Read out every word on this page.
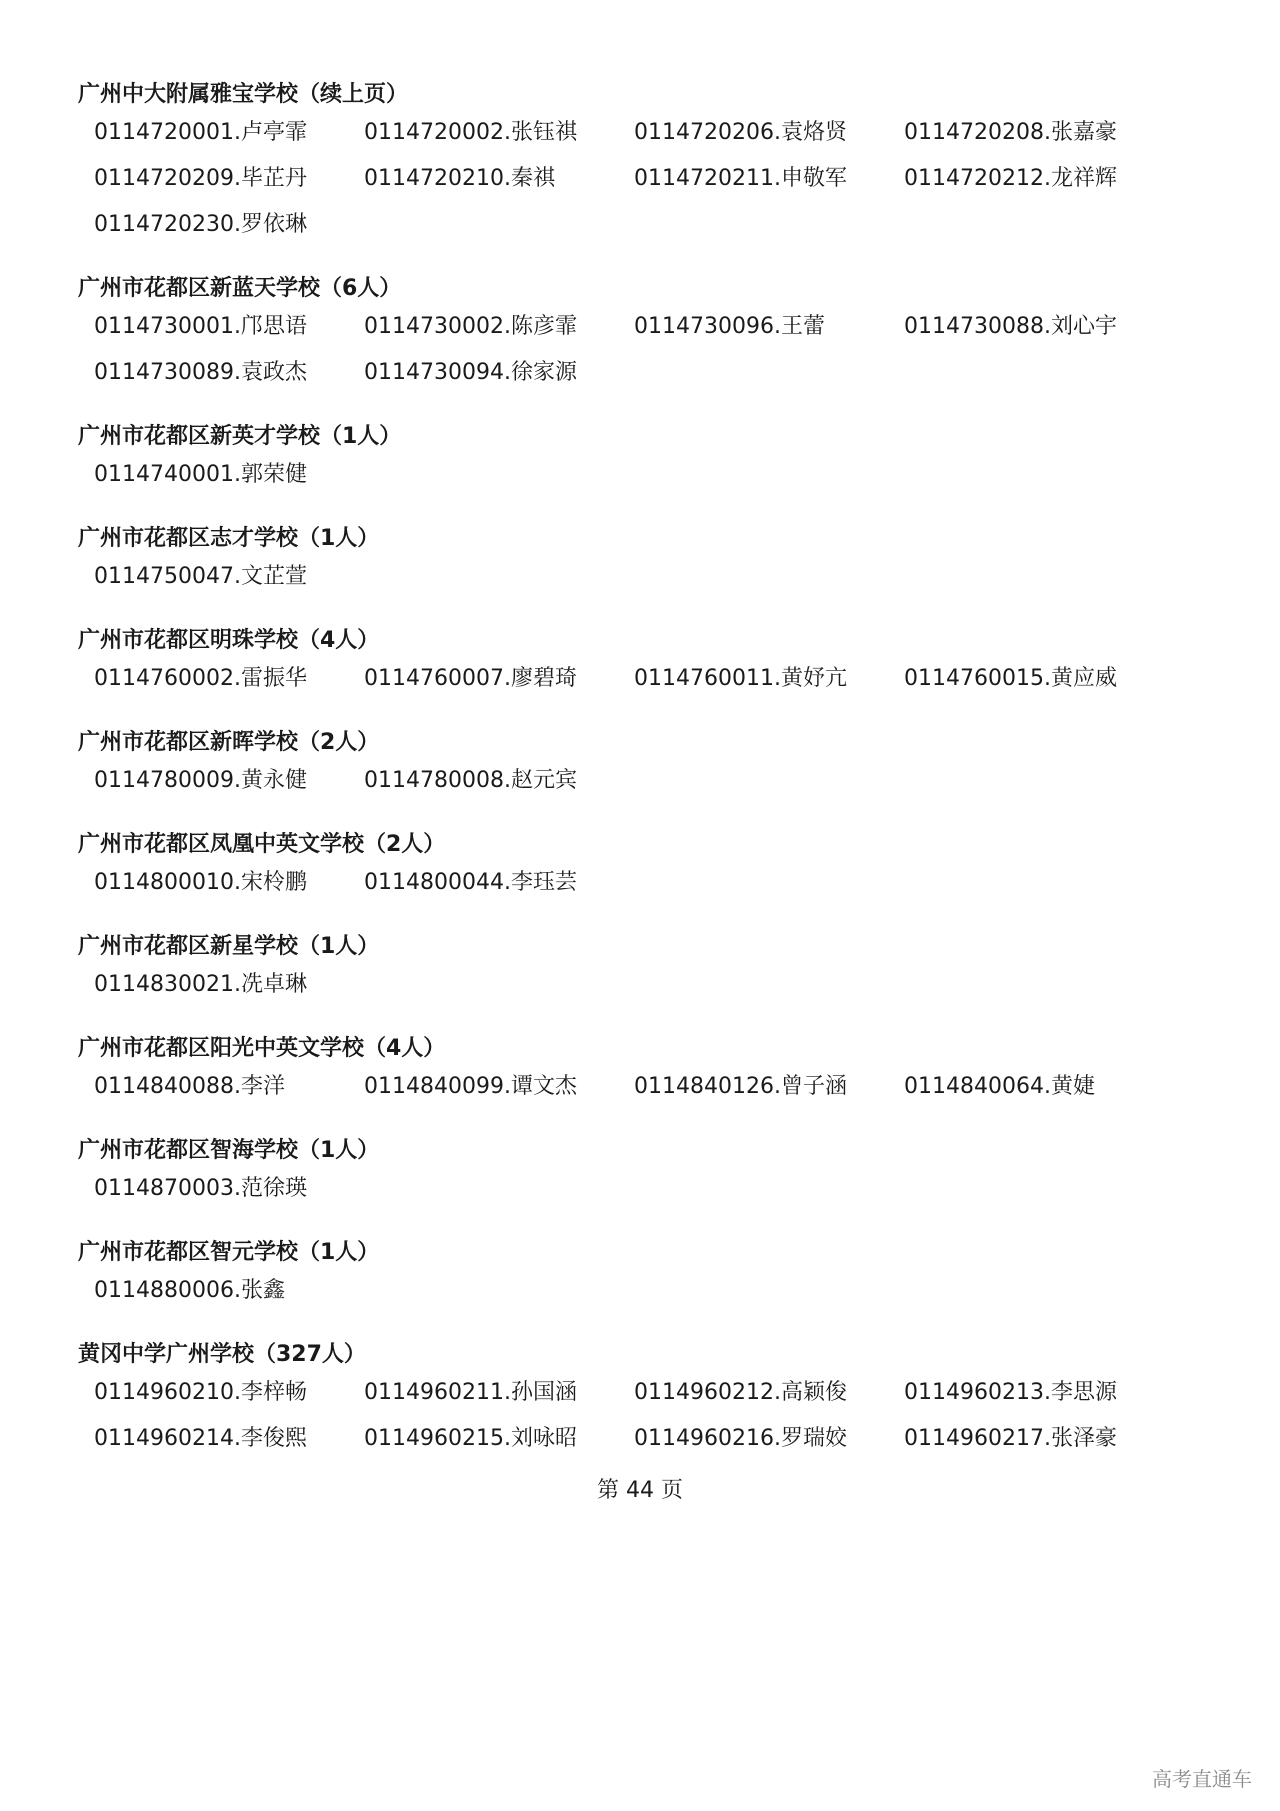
广州中大附属雅宝学校（续上页）
0114720001.卢亭霏	0114720002.张钰祺	0114720206.袁烙贤	0114720208.张嘉豪
0114720209.毕芷丹	0114720210.秦祺	0114720211.申敬军	0114720212.龙祥辉
0114720230.罗依琳
广州市花都区新蓝天学校（6人）
0114730001.邝思语	0114730002.陈彦霏	0114730096.王蕾	0114730088.刘心宇
0114730089.袁政杰	0114730094.徐家源
广州市花都区新英才学校（1人）
0114740001.郭荣健
广州市花都区志才学校（1人）
0114750047.文芷萱
广州市花都区明珠学校（4人）
0114760002.雷振华	0114760007.廖碧琦	0114760011.黄妤亢	0114760015.黄应威
广州市花都区新晖学校（2人）
0114780009.黄永健	0114780008.赵元宾
广州市花都区凤凰中英文学校（2人）
0114800010.宋柃鹏	0114800044.李珏芸
广州市花都区新星学校（1人）
0114830021.冼卓琳
广州市花都区阳光中英文学校（4人）
0114840088.李洋	0114840099.谭文杰	0114840126.曾子涵	0114840064.黄婕
广州市花都区智海学校（1人）
0114870003.范徐瑛
广州市花都区智元学校（1人）
0114880006.张鑫
黄冈中学广州学校（327人）
0114960210.李梓畅	0114960211.孙国涵	0114960212.高颖俊	0114960213.李思源
0114960214.李俊熙	0114960215.刘咏昭	0114960216.罗瑞姣	0114960217.张泽豪
第 44 页
高考直通车
